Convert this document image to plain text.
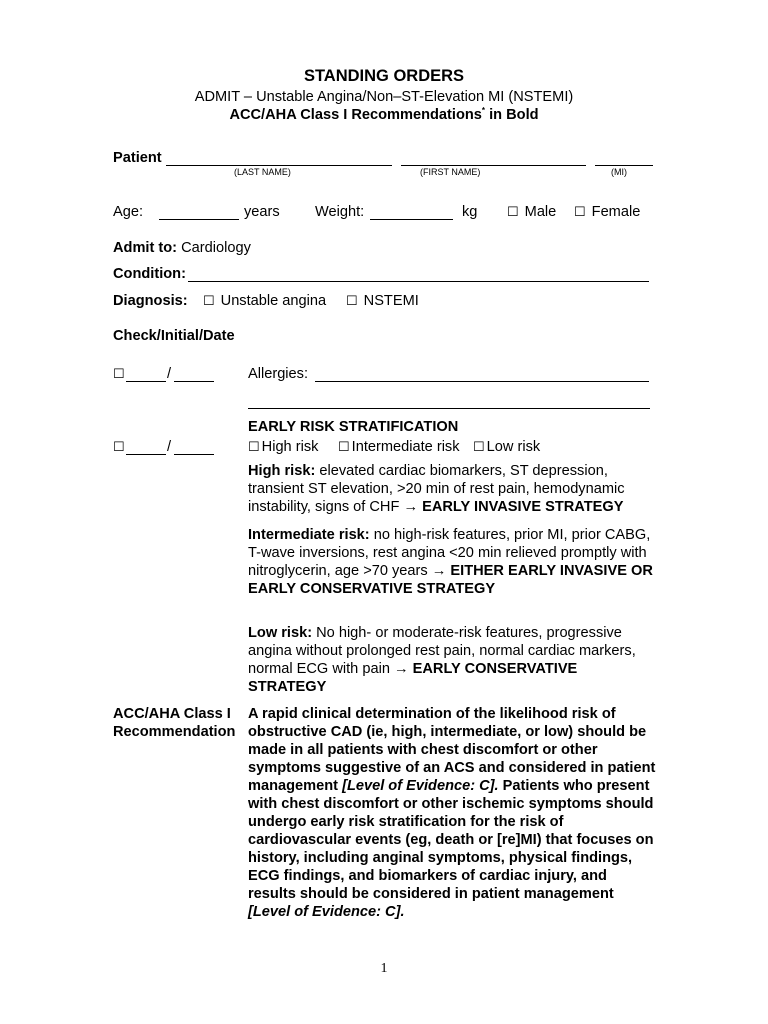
STANDING ORDERS
ADMIT – Unstable Angina/Non–ST-Elevation MI (NSTEMI)
ACC/AHA Class I Recommendations* in Bold
Patient
(LAST NAME)	(FIRST NAME)	(MI)
Age:	years Weight:	kg ☐ Male ☐ Female
Admit to: Cardiology
Condition:
Diagnosis: ☐ Unstable angina ☐ NSTEMI
Check/Initial/Date
☐	/	Allergies:
EARLY RISK STRATIFICATION
☐	/	☐ High risk ☐ Intermediate risk ☐ Low risk

High risk: elevated cardiac biomarkers, ST depression, transient ST elevation, >20 min of rest pain, hemodynamic instability, signs of CHF → EARLY INVASIVE STRATEGY

Intermediate risk: no high-risk features, prior MI, prior CABG, T-wave inversions, rest angina <20 min relieved promptly with nitroglycerin, age >70 years → EITHER EARLY INVASIVE OR EARLY CONSERVATIVE STRATEGY

Low risk: No high- or moderate-risk features, progressive angina without prolonged rest pain, normal cardiac markers, normal ECG with pain → EARLY CONSERVATIVE STRATEGY

ACC/AHA Class I
Recommendation

A rapid clinical determination of the likelihood risk of obstructive CAD (ie, high, intermediate, or low) should be made in all patients with chest discomfort or other symptoms suggestive of an ACS and considered in patient management [Level of Evidence: C]. Patients who present with chest discomfort or other ischemic symptoms should undergo early risk stratification for the risk of cardiovascular events (eg, death or [re]MI) that focuses on history, including anginal symptoms, physical findings, ECG findings, and biomarkers of cardiac injury, and results should be considered in patient management [Level of Evidence: C].

1
